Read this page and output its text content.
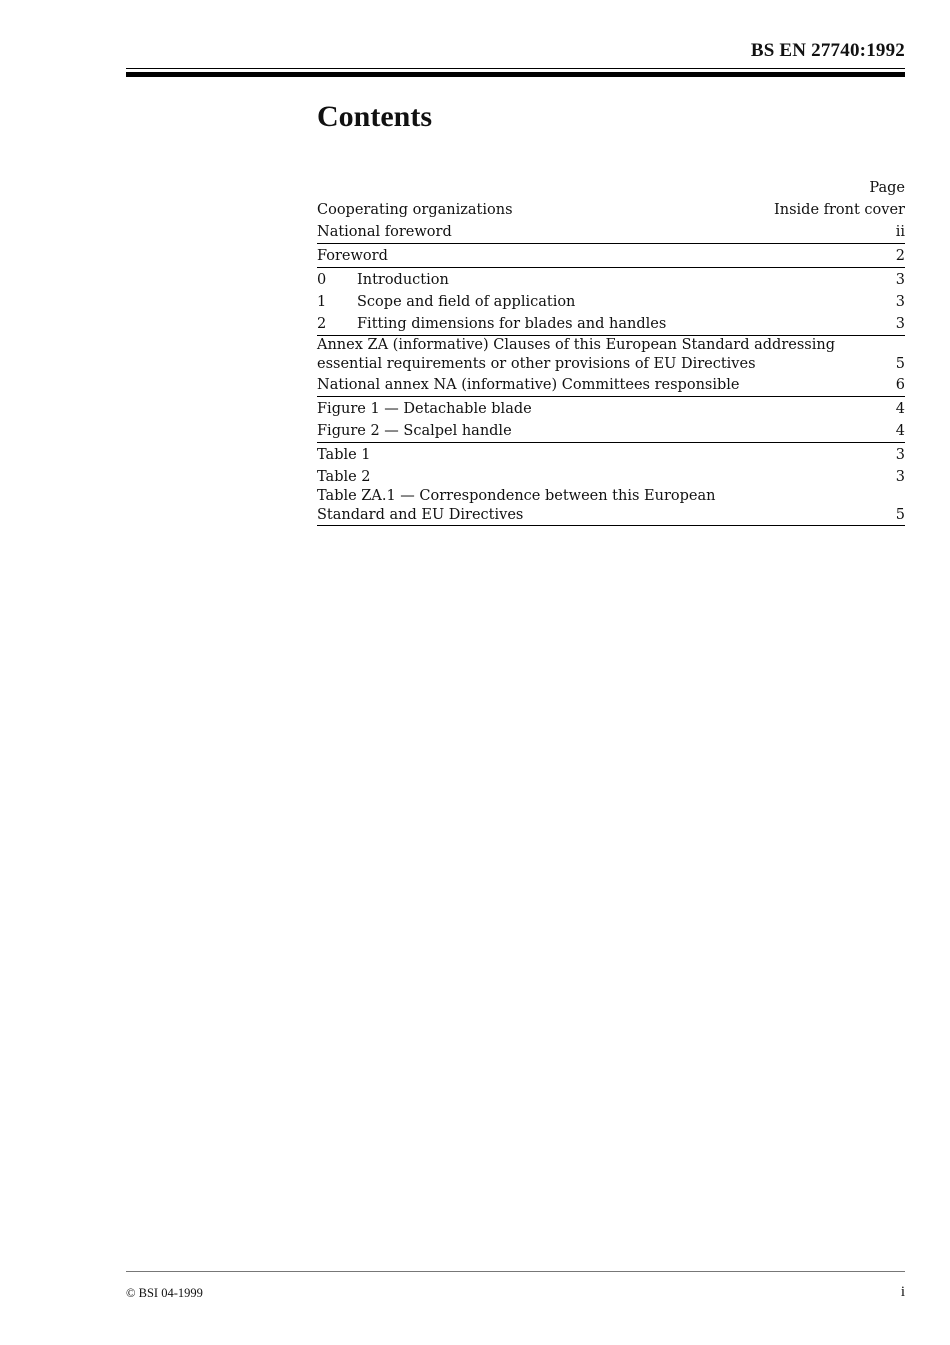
BS EN 27740:1992
Contents
Page
Cooperating organizations	Inside front cover
National foreword	ii
Foreword	2
0	Introduction	3
1	Scope and field of application	3
2	Fitting dimensions for blades and handles	3
Annex ZA (informative) Clauses of this European Standard addressing
essential requirements or other provisions of EU Directives	5
National annex NA (informative) Committees responsible	6
Figure 1 — Detachable blade	4
Figure 2 — Scalpel handle	4
Table 1	3
Table 2	3
Table ZA.1 — Correspondence between this European
Standard and EU Directives	5
© BSI 04-1999	i
